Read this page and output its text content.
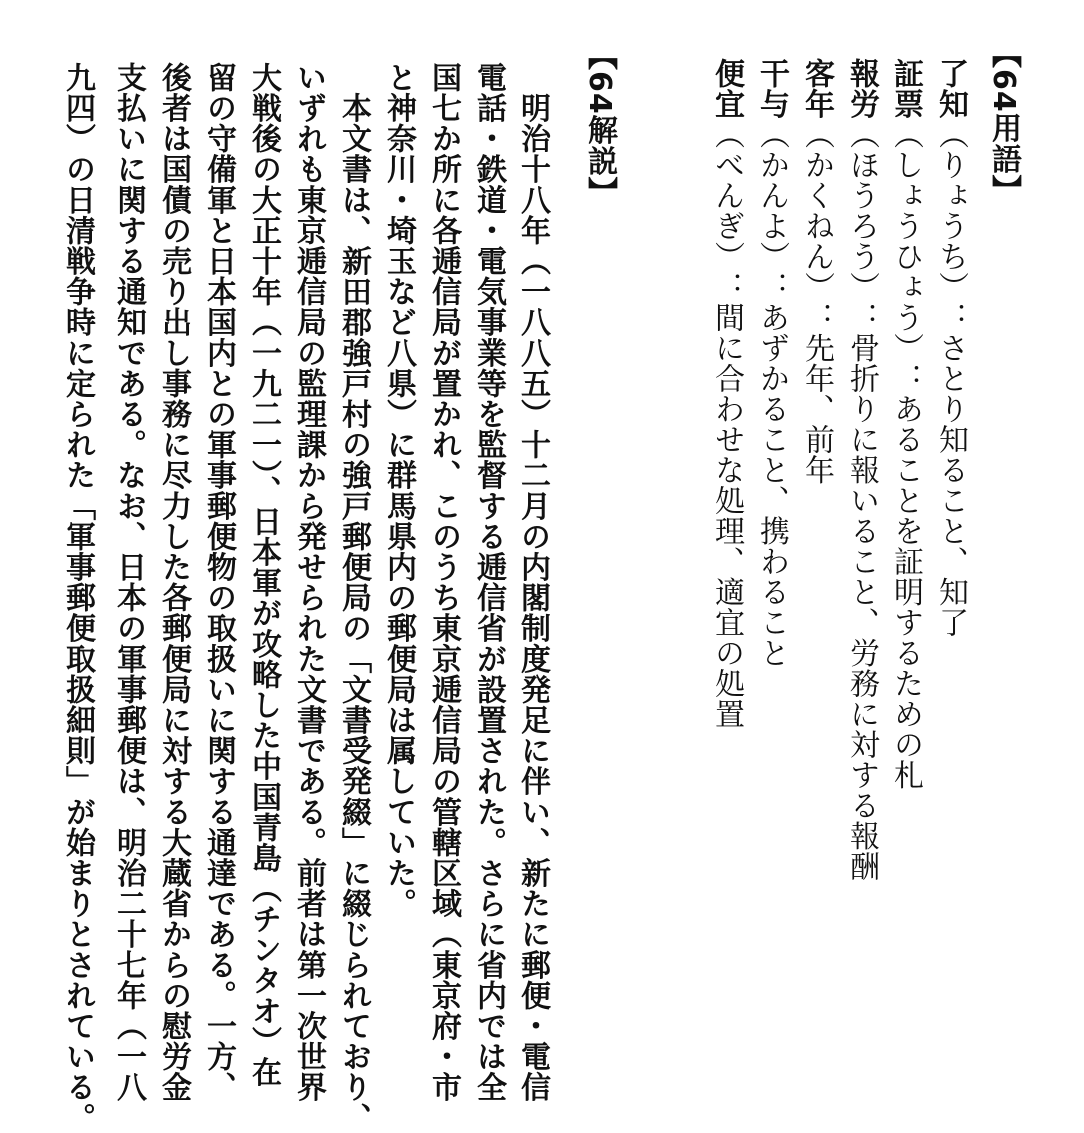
【64用語】
了知（りょうち）：さとり知ること、知了
証票（しょうひょう）：あることを証明するための札
報労（ほうろう）：骨折りに報いること、労務に対する報酬
客年（かくねん）：先年、前年
干与（かんよ）：あずかること、携わること
便宜（べんぎ）：間に合わせな処理、適宜の処置
【64解説】
　明治十八年（一八八五）十二月の内閣制度発足に伴い、新たに郵便・電信
電話・鉄道・電気事業等を監督する逓信省が設置された。さらに省内では全
国七か所に各逓信局が置かれ、このうち東京逓信局の管轄区域（東京府・市
と神奈川・埼玉など八県）に群馬県内の郵便局は属していた。
　本文書は、新田郡強戸村の強戸郵便局の「文書受発綴」に綴じられており、
いずれも東京逓信局の監理課から発せられた文書である。前者は第一次世界
大戦後の大正十年（一九二一）、日本軍が攻略した中国青島（チンタオ）在
留の守備軍と日本国内との軍事郵便物の取扱いに関する通達である。一方、
後者は国債の売り出し事務に尽力した各郵便局に対する大蔵省からの慰労金
支払いに関する通知である。なお、日本の軍事郵便は、明治二十七年（一八
九四）の日清戦争時に定られた「軍事郵便取扱細則」が始まりとされている。
